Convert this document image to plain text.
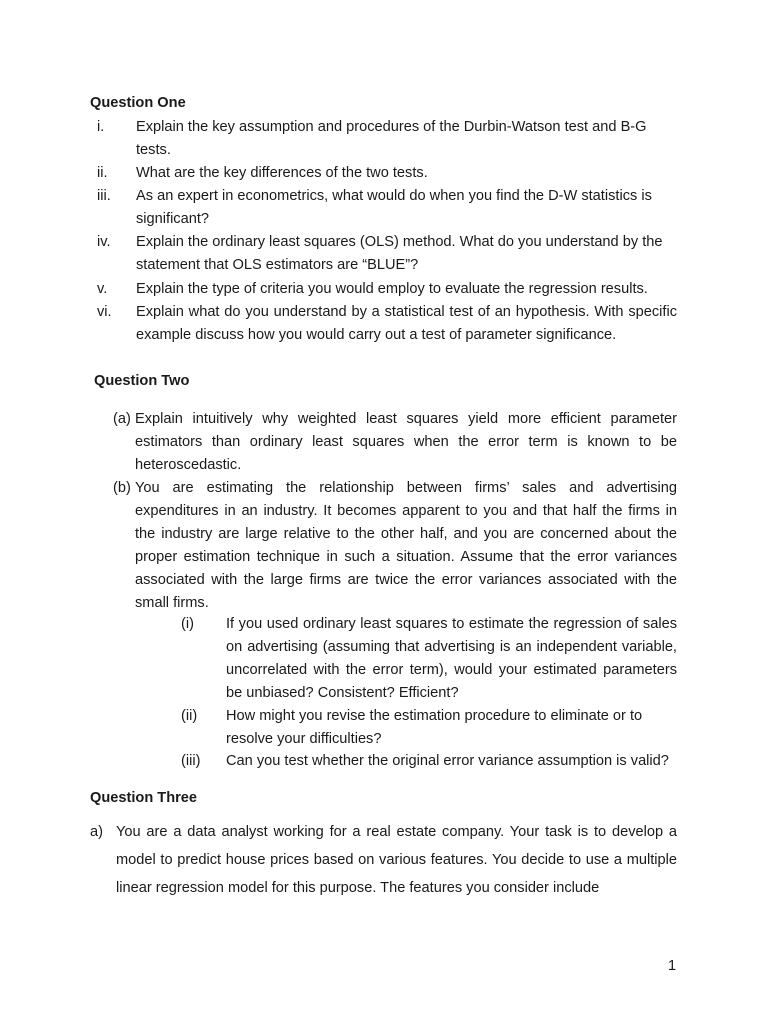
Question One
i. Explain the key assumption and procedures of the Durbin-Watson test and B-G tests.
ii. What are the key differences of the two tests.
iii. As an expert in econometrics, what would do when you find the D-W statistics is significant?
iv. Explain the ordinary least squares (OLS) method. What do you understand by the statement that OLS estimators are “BLUE”?
v. Explain the type of criteria you would employ to evaluate the regression results.
vi. Explain what do you understand by a statistical test of an hypothesis. With specific example discuss how you would carry out a test of parameter significance.
Question Two
(a) Explain intuitively why weighted least squares yield more efficient parameter estimators than ordinary least squares when the error term is known to be heteroscedastic.
(b) You are estimating the relationship between firms’ sales and advertising expenditures in an industry. It becomes apparent to you and that half the firms in the industry are large relative to the other half, and you are concerned about the proper estimation technique in such a situation. Assume that the error variances associated with the large firms are twice the error variances associated with the small firms.
(i) If you used ordinary least squares to estimate the regression of sales on advertising (assuming that advertising is an independent variable, uncorrelated with the error term), would your estimated parameters be unbiased? Consistent? Efficient?
(ii) How might you revise the estimation procedure to eliminate or to resolve your difficulties?
(iii) Can you test whether the original error variance assumption is valid?
Question Three
a) You are a data analyst working for a real estate company. Your task is to develop a model to predict house prices based on various features. You decide to use a multiple linear regression model for this purpose. The features you consider include
1
